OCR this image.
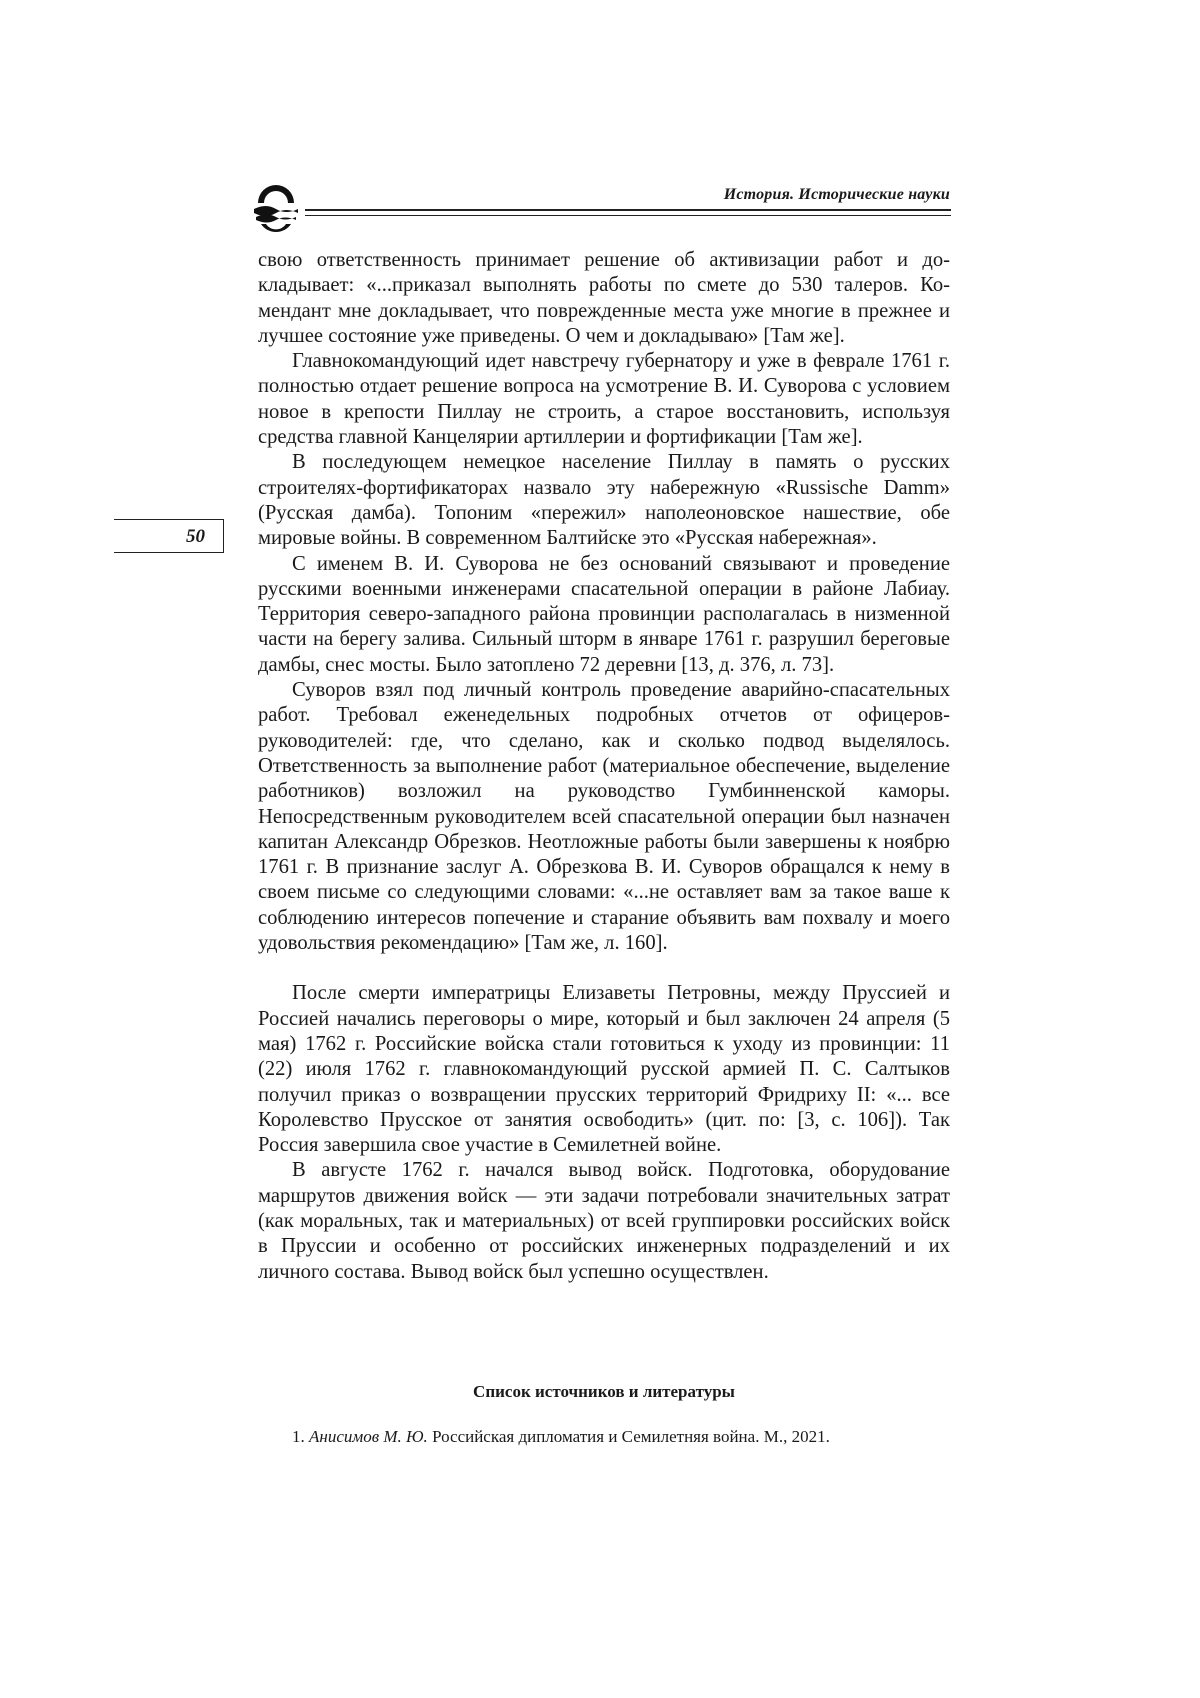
История. Исторические науки
50

свою ответственность принимает решение об активизации работ и докладывает: «...приказал выполнять работы по смете до 530 талеров. Комендант мне докладывает, что поврежденные места уже многие в прежнее и лучшее состояние уже приведены. О чем и докладываю» [Там же].

Главнокомандующий идет навстречу губернатору и уже в феврале 1761 г. полностью отдает решение вопроса на усмотрение В. И. Суворова с условием новое в крепости Пиллау не строить, а старое восстановить, используя средства главной Канцелярии артиллерии и фортификации [Там же].

В последующем немецкое население Пиллау в память о русских строителях-фортификаторах назвало эту набережную «Russische Damm» (Русская дамба). Топоним «пережил» наполеоновское нашествие, обе мировые войны. В современном Балтийске это «Русская набережная».

С именем В. И. Суворова не без оснований связывают и проведение русскими военными инженерами спасательной операции в районе Лабиау. Территория северо-западного района провинции располагалась в низменной части на берегу залива. Сильный шторм в январе 1761 г. разрушил береговые дамбы, снес мосты. Было затоплено 72 деревни [13, д. 376, л. 73].

Суворов взял под личный контроль проведение аварийно-спасательных работ. Требовал еженедельных подробных отчетов от офицеров-руководителей: где, что сделано, как и сколько подвод выделялось. Ответственность за выполнение работ (материальное обеспечение, выделение работников) возложил на руководство Гумбинненской каморы. Непосредственным руководителем всей спасательной операции был назначен капитан Александр Обрезков. Неотложные работы были завершены к ноябрю 1761 г. В признание заслуг А. Обрезкова В. И. Суворов обращался к нему в своем письме со следующими словами: «...не оставляет вам за такое ваше к соблюдению интересов попечение и старание объявить вам похвалу и моего удовольствия рекомендацию» [Там же, л. 160].

После смерти императрицы Елизаветы Петровны, между Пруссией и Россией начались переговоры о мире, который и был заключен 24 апреля (5 мая) 1762 г. Российские войска стали готовиться к уходу из провинции: 11 (22) июля 1762 г. главнокомандующий русской армией П. С. Салтыков получил приказ о возвращении прусских территорий Фридриху II: «... все Королевство Прусское от занятия освободить» (цит. по: [3, с. 106]). Так Россия завершила свое участие в Семилетней войне.

В августе 1762 г. начался вывод войск. Подготовка, оборудование маршрутов движения войск — эти задачи потребовали значительных затрат (как моральных, так и материальных) от всей группировки российских войск в Пруссии и особенно от российских инженерных подразделений и их личного состава. Вывод войск был успешно осуществлен.

Список источников и литературы
1. Анисимов М. Ю. Российская дипломатия и Семилетняя война. М., 2021.
